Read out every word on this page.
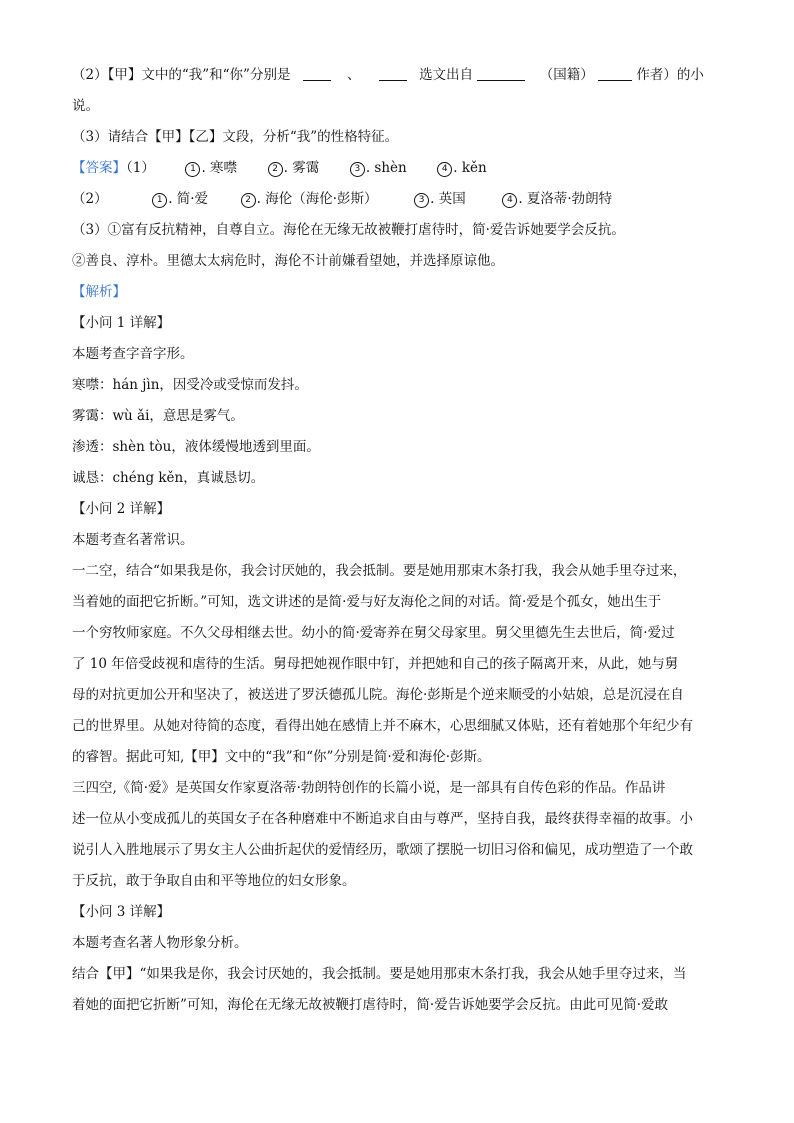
（2）【甲】文中的“我”和“你”分别是	、	选文出自	（国籍）	作者）的小
说。
（3）请结合【甲】【乙】文段，分析“我”的性格特征。
【答案】（1）	1 . 寒噤	2 . 雾霭	3 . shèn	4 . kěn
（2）	1 . 简·爱	2 . 海伦（海伦·彭斯）	3 . 英国	4 . 夏洛蒂·勃朗特
（3）①富有反抗精神，自尊自立。海伦在无缘无故被鞭打虐待时，简·爱告诉她要学会反抗。
②善良、淳朴。里德太太病危时，海伦不计前嫌看望她，并选择原谅他。
【解析】
【小问 1 详解】
本题考查字音字形。
寒噤：hán jìn，因受冷或受惊而发抖。
雾霭：wù ǎi，意思是雾气。
渗透：shèn tòu，液体缓慢地透到里面。
诚恳：chéng kěn，真诚恳切。
【小问 2 详解】
本题考查名著常识。
一二空，结合“如果我是你，我会讨厌她的，我会抵制。要是她用那束木条打我，我会从她手里夺过来，
当着她的面把它折断。”可知，选文讲述的是简·爱与好友海伦之间的对话。简·爱是个孤女，她出生于
一个穷牧师家庭。不久父母相继去世。幼小的简·爱寄养在舅父母家里。舅父里德先生去世后，简·爱过
了 10 年倍受歧视和虐待的生活。舅母把她视作眼中钉，并把她和自己的孩子隔离开来，从此，她与舅
母的对抗更加公开和坚决了，被送进了罗沃德孤儿院。海伦·彭斯是个逆来顺受的小姑娘，总是沉浸在自
己的世界里。从她对待简的态度，看得出她在感情上并不麻木，心思细腻又体贴，还有着她那个年纪少有
的睿智。据此可知,【甲】文中的“我”和“你”分别是简·爱和海伦·彭斯。
三四空,《简·爱》是英国女作家夏洛蒂·勃朗特创作的长篇小说，是一部具有自传色彩的作品。作品讲
述一位从小变成孤儿的英国女子在各种磨难中不断追求自由与尊严，坚持自我，最终获得幸福的故事。小
说引人入胜地展示了男女主人公曲折起伏的爱情经历，歌颂了摆脱一切旧习俗和偏见，成功塑造了一个敢
于反抗，敢于争取自由和平等地位的妇女形象。
【小问 3 详解】
本题考查名著人物形象分析。
结合【甲】“如果我是你，我会讨厌她的，我会抵制。要是她用那束木条打我，我会从她手里夺过来，当
着她的面把它折断”可知，海伦在无缘无故被鞭打虐待时，简·爱告诉她要学会反抗。由此可见简·爱敢
